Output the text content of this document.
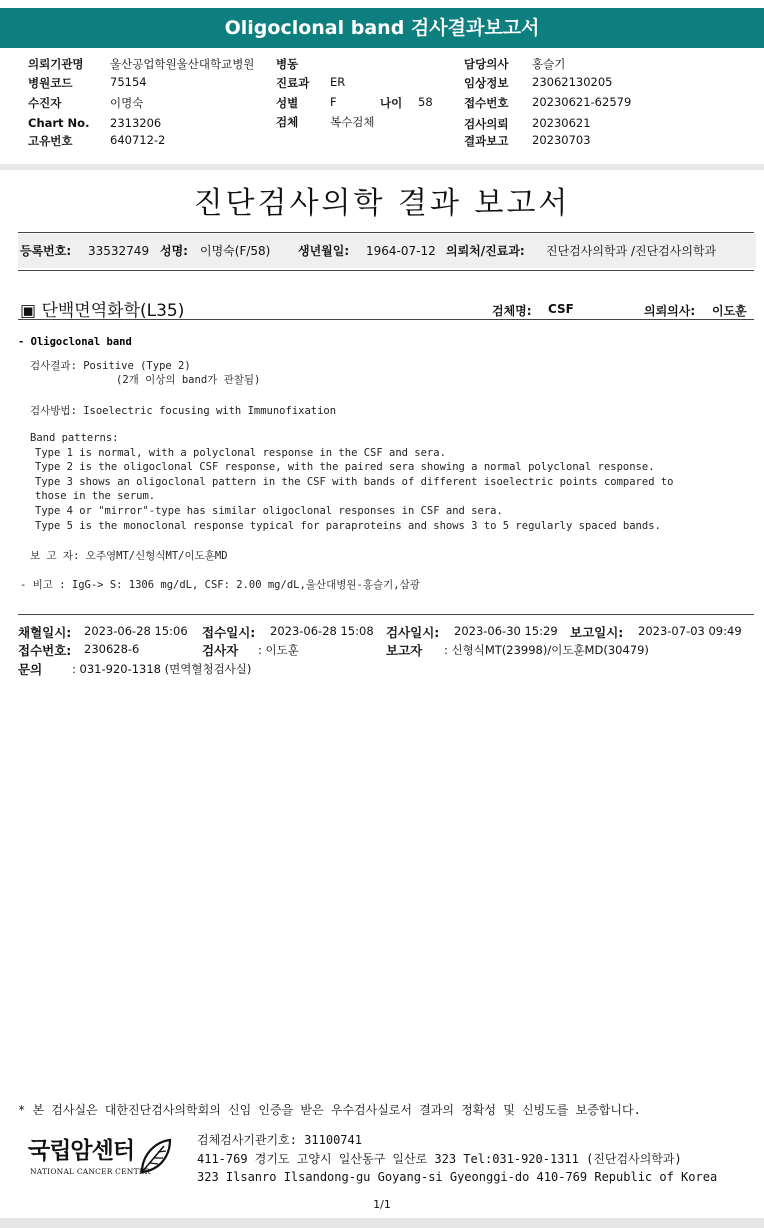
Oligoclonal band 검사결과보고서
의뢰기관명 울산공업학원울산대학교병원 병동	담당의사 홍슬기
병원코드	75154	진료과 ER	임상정보 23062130205
수진자	이명숙	성별	F	나이 58	접수번호 20230621-62579
Chart No. 2313206	검체	복수검체	검사의뢰 20230621
고유번호	640712-2	결과보고 20230703
진단검사의학 결과 보고서
등록번호: 33532749 성명: 이명숙(F/58) 생년월일: 1964-07-12 의뢰처/진료과: 진단검사의학과 /진단검사의학과
▣ 단백면역화학(L35)	검체명: CSF	의뢰의사: 이도훈
- Oligoclonal band
검사결과: Positive (Type 2)
(2개 이상의 band가 관찰됨)
검사방법: Isoelectric focusing with Immunofixation
Band patterns:
Type 1 is normal, with a polyclonal response in the CSF and sera.
Type 2 is the oligoclonal CSF response, with the paired sera showing a normal polyclonal response.
Type 3 shows an oligoclonal pattern in the CSF with bands of different isoelectric points compared to
those in the serum.
Type 4 or "mirror"-type has similar oligoclonal responses in CSF and sera.
Type 5 is the monoclonal response typical for paraproteins and shows 3 to 5 regularly spaced bands.
보 고 자: 오주영MT/신형식MT/이도훈MD
- 비고 : IgG-> S: 1306 mg/dL, CSF: 2.00 mg/dL,울산대병원-홍슬기,삼광
채혈일시: 2023-06-28 15:06 접수일시: 2023-06-28 15:08 검사일시: 2023-06-30 15:29 보고일시: 2023-07-03 09:49
접수번호: 230628-6	검사자 : 이도훈	보고자 : 신형식MT(23998)/이도훈MD(30479)
문의	: 031-920-1318 (면역혈청검사실)
* 본 검사실은 대한진단검사의학회의 신임 인증을 받은 우수검사실로서 결과의 정확성 및 신빙도를 보증합니다.
국립암센터
NATIONAL CANCER CENTER
검체검사기관기호: 31100741
411-769 경기도 고양시 일산동구 일산로 323 Tel:031-920-1311 (진단검사의학과)
323 Ilsanro Ilsandong-gu Goyang-si Gyeonggi-do 410-769 Republic of Korea
1/1
